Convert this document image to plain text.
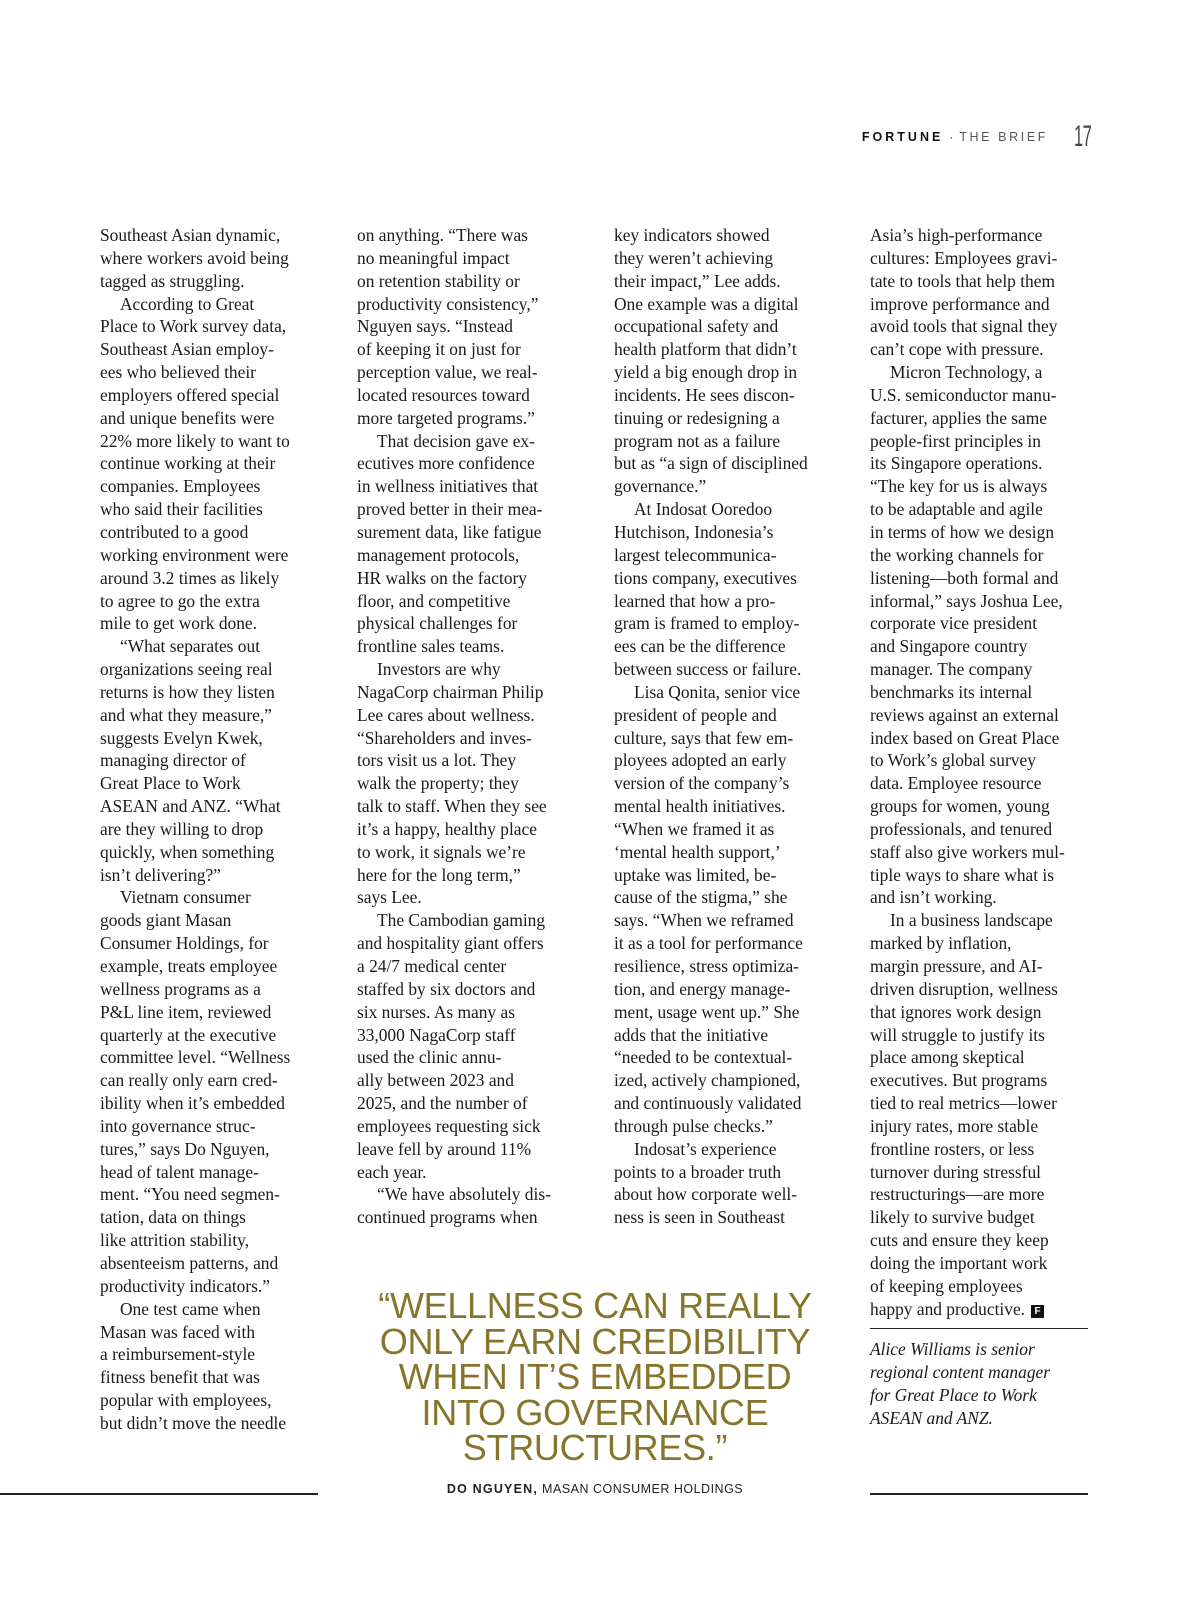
FORTUNE · THE BRIEF 17
Southeast Asian dynamic,
where workers avoid being
tagged as struggling.
According to Great
Place to Work survey data,
Southeast Asian employ-
ees who believed their
employers offered special
and unique benefits were
22% more likely to want to
continue working at their
companies. Employees
who said their facilities
contributed to a good
working environment were
around 3.2 times as likely
to agree to go the extra
mile to get work done.
“What separates out
organizations seeing real
returns is how they listen
and what they measure,”
suggests Evelyn Kwek,
managing director of
Great Place to Work
ASEAN and ANZ. “What
are they willing to drop
quickly, when something
isn’t delivering?”
Vietnam consumer
goods giant Masan
Consumer Holdings, for
example, treats employee
wellness programs as a
P&L line item, reviewed
quarterly at the executive
committee level. “Wellness
can really only earn cred-
ibility when it’s embedded
into governance struc-
tures,” says Do Nguyen,
head of talent manage-
ment. “You need segmen-
tation, data on things
like attrition stability,
absenteeism patterns, and
productivity indicators.”
One test came when
Masan was faced with
a reimbursement-style
fitness benefit that was
popular with employees,
but didn’t move the needle
on anything. “There was
no meaningful impact
on retention stability or
productivity consistency,”
Nguyen says. “Instead
of keeping it on just for
perception value, we real-
located resources toward
more targeted programs.”
That decision gave ex-
ecutives more confidence
in wellness initiatives that
proved better in their mea-
surement data, like fatigue
management protocols,
HR walks on the factory
floor, and competitive
physical challenges for
frontline sales teams.
Investors are why
NagaCorp chairman Philip
Lee cares about wellness.
“Shareholders and inves-
tors visit us a lot. They
walk the property; they
talk to staff. When they see
it’s a happy, healthy place
to work, it signals we’re
here for the long term,”
says Lee.
The Cambodian gaming
and hospitality giant offers
a 24/7 medical center
staffed by six doctors and
six nurses. As many as
33,000 NagaCorp staff
used the clinic annu-
ally between 2023 and
2025, and the number of
employees requesting sick
leave fell by around 11%
each year.
“We have absolutely dis-
continued programs when
key indicators showed
they weren’t achieving
their impact,” Lee adds.
One example was a digital
occupational safety and
health platform that didn’t
yield a big enough drop in
incidents. He sees discon-
tinuing or redesigning a
program not as a failure
but as “a sign of disciplined
governance.”
At Indosat Ooredoo
Hutchison, Indonesia’s
largest telecommunica-
tions company, executives
learned that how a pro-
gram is framed to employ-
ees can be the difference
between success or failure.
Lisa Qonita, senior vice
president of people and
culture, says that few em-
ployees adopted an early
version of the company’s
mental health initiatives.
“When we framed it as
‘mental health support,’
uptake was limited, be-
cause of the stigma,” she
says. “When we reframed
it as a tool for performance
resilience, stress optimiza-
tion, and energy manage-
ment, usage went up.” She
adds that the initiative
“needed to be contextual-
ized, actively championed,
and continuously validated
through pulse checks.”
Indosat’s experience
points to a broader truth
about how corporate well-
ness is seen in Southeast
Asia’s high-performance
cultures: Employees gravi-
tate to tools that help them
improve performance and
avoid tools that signal they
can’t cope with pressure.
Micron Technology, a
U.S. semiconductor manu-
facturer, applies the same
people-first principles in
its Singapore operations.
“The key for us is always
to be adaptable and agile
in terms of how we design
the working channels for
listening—both formal and
informal,” says Joshua Lee,
corporate vice president
and Singapore country
manager. The company
benchmarks its internal
reviews against an external
index based on Great Place
to Work’s global survey
data. Employee resource
groups for women, young
professionals, and tenured
staff also give workers mul-
tiple ways to share what is
and isn’t working.
In a business landscape
marked by inflation,
margin pressure, and AI-
driven disruption, wellness
that ignores work design
will struggle to justify its
place among skeptical
executives. But programs
tied to real metrics—lower
injury rates, more stable
frontline rosters, or less
turnover during stressful
restructurings—are more
likely to survive budget
cuts and ensure they keep
doing the important work
of keeping employees
happy and productive. F
Alice Williams is senior
regional content manager
for Great Place to Work
ASEAN and ANZ.
“WELLNESS CAN REALLY
ONLY EARN CREDIBILITY
WHEN IT’S EMBEDDED
INTO GOVERNANCE
STRUCTURES.”
DO NGUYEN, MASAN CONSUMER HOLDINGS
